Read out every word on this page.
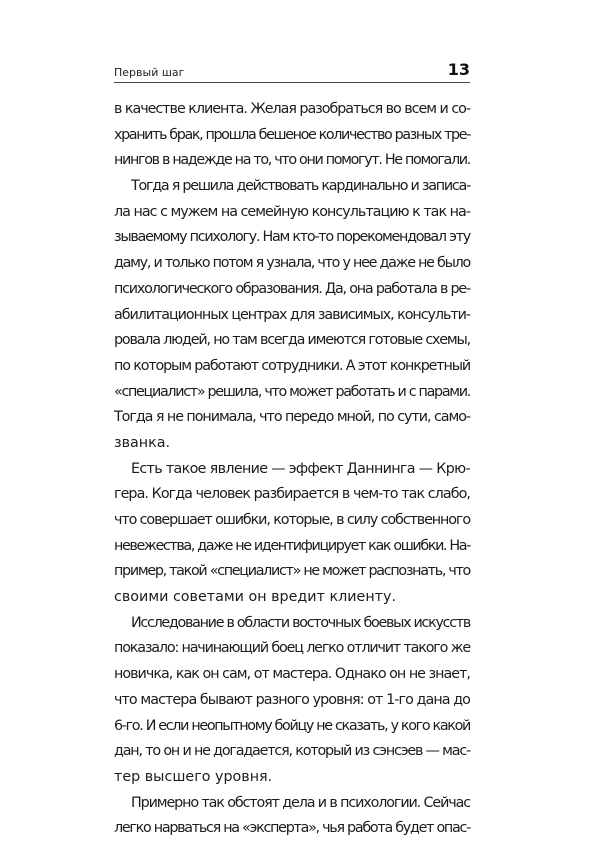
Первый шаг	13
в качестве клиента. Желая разобраться во всем и со-
хранить брак, прошла бешеное количество разных тре-
нингов в надежде на то, что они помогут. Не помогали.
Тогда я решила действовать кардинально и записа-
ла нас с мужем на семейную консультацию к так на-
зываемому психологу. Нам кто-то порекомендовал эту
даму, и только потом я узнала, что у нее даже не было
психологического образования. Да, она работала в ре-
абилитационных центрах для зависимых, консульти-
ровала людей, но там всегда имеются готовые схемы,
по которым работают сотрудники. А этот конкретный
«специалист» решила, что может работать и с парами.
Тогда я не понимала, что передо мной, по сути, само-
званка.
Есть такое явление — эффект Даннинга — Крю-
гера. Когда человек разбирается в чем-то так слабо,
что совершает ошибки, которые, в силу собственного
невежества, даже не идентифицирует как ошибки. На-
пример, такой «специалист» не может распознать, что
своими советами он вредит клиенту.
Исследование в области восточных боевых искусств
показало: начинающий боец легко отличит такого же
новичка, как он сам, от мастера. Однако он не знает,
что мастера бывают разного уровня: от 1-го дана до
6-го. И если неопытному бойцу не сказать, у кого какой
дан, то он и не догадается, который из сэнсэев — мас-
тер высшего уровня.
Примерно так обстоят дела и в психологии. Сейчас
легко нарваться на «эксперта», чья работа будет опас-
